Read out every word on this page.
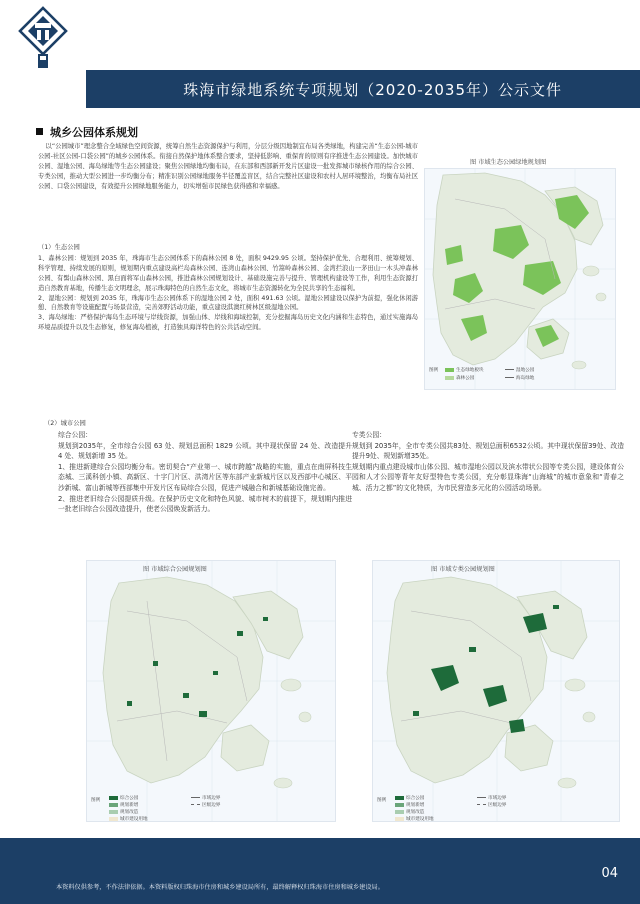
珠海市绿地系统专项规划（2020-2035年）公示文件
城乡公园体系规划

以“公园城市”理念整合全域绿色空间资源，统筹自然生态资源保护与利用，分层分级因地制宜布局各类绿地，构建完善“生态公园-城市公园-社区公园-口袋公园”的城乡公园体系。衔接自然保护地体系整合要求，坚持低影响、重保育的原则有序推进生态公园建设。加快城市公园、湿地公园、海岛绿地等生态公园建设；聚焦公园绿地均衡布局，在东部和西部新开发片区建设一批发挥城市绿核作用的综合公园、专类公园，推动大型公园进一步均衡分布；精准识别公园绿地服务半径覆盖盲区，结合完整社区建设和农村人居环境整治，均衡布局社区公园、口袋公园建设，有效提升公园绿地服务能力，切实增强市民绿色获得感和幸福感。

（1）生态公园

1、森林公园：规划到 2035 年，珠海市生态公园体系下的森林公园 8 处，面积 9429.95 公顷。坚持保护优先、合理利用、统筹规划、科学管理、持续发展的原则，规划期内重点建设高栏岛森林公园、连湾山森林公园、竹篙岭森林公园、金湾拦浪山一茅田山一木头冲森林公园、有髻山森林公园、黑白面将军山森林公园，推进森林公园规划设计、基础设施完善与提升、管理机构建设等工作，利用生态资源打造自然教育基地，传播生态文明理念，展示珠海特色的自然生态文化，将城市生态资源转化为全民共享的生态福利。

2、湿地公园：规划到 2035 年，珠海市生态公园体系下的湿地公园 2 处，面积 491.63 公顷。湿地公园建设以保护为前提，强化休闲游憩、自然教育等设施配置与场景营造，完善郊野活动功能，重点建设淇澳红树林区级湿地公园。

3、海岛绿地：严格保护海岛生态环境与岸线资源，加强山体、岸线和海域控制，充分挖掘海岛历史文化内涵和生态特色，通过实施海岛环境品质提升以及生态修复，修复海岛植被，打造独具海洋特色的公共活动空间。

图 市域生态公园绿地规划图
图例	生态绿地板块
森林公园
湿地公园
海岛绿地

（2）城市公园

综合公园：

规划到2035年，全市综合公园 63 处、规划总面积 1829 公顷。其中现状保留 24 处、改造提升 4 处、规划新增 35 处。

1、推进新建综合公园均衡分布。密切契合“产业第一、城市跨越”战略的实施，重点在南屏科技生态城、三溪科创小镇、高新区、十字门片区、洪湾片区等东部产业新城片区以及西部中心城区、平沙新城、富山新城等西部集中开发片区布局综合公园，促进产城融合和新城基础设施完善。

2、推进老旧综合公园提质升级。在保护历史文化和特色风貌、城市树木的前提下，规划期内推进一批老旧综合公园改造提升，使老公园焕发新活力。

专类公园：

规划到 2035年，全市专类公园共83处、规划总面积6532公顷。其中现状保留39处、改造提升9处、规划新增35处。

规划期内重点建设城市山体公园、城市湿地公园以及滨水带状公园等专类公园，建设体育公园和人才公园等青年友好型特色专类公园，充分彰显珠海“山海城”的城市意象和“青春之城、活力之都”的文化特质，为市民营造多元化的公园活动场景。

图 市域综合公园规划图
图例	综合公园
规划新增
规划改造
城市建设用地
市域边界
区级边界
图 市域专类公园规划图
图例	综合公园
规划新增
规划改造
城市建设用地
市域边界
区级边界
04
本资料仅供参考，不作法律依据。本资料版权归珠海市住房和城乡建设局所有，最终解释权归珠海市住房和城乡建设局。
